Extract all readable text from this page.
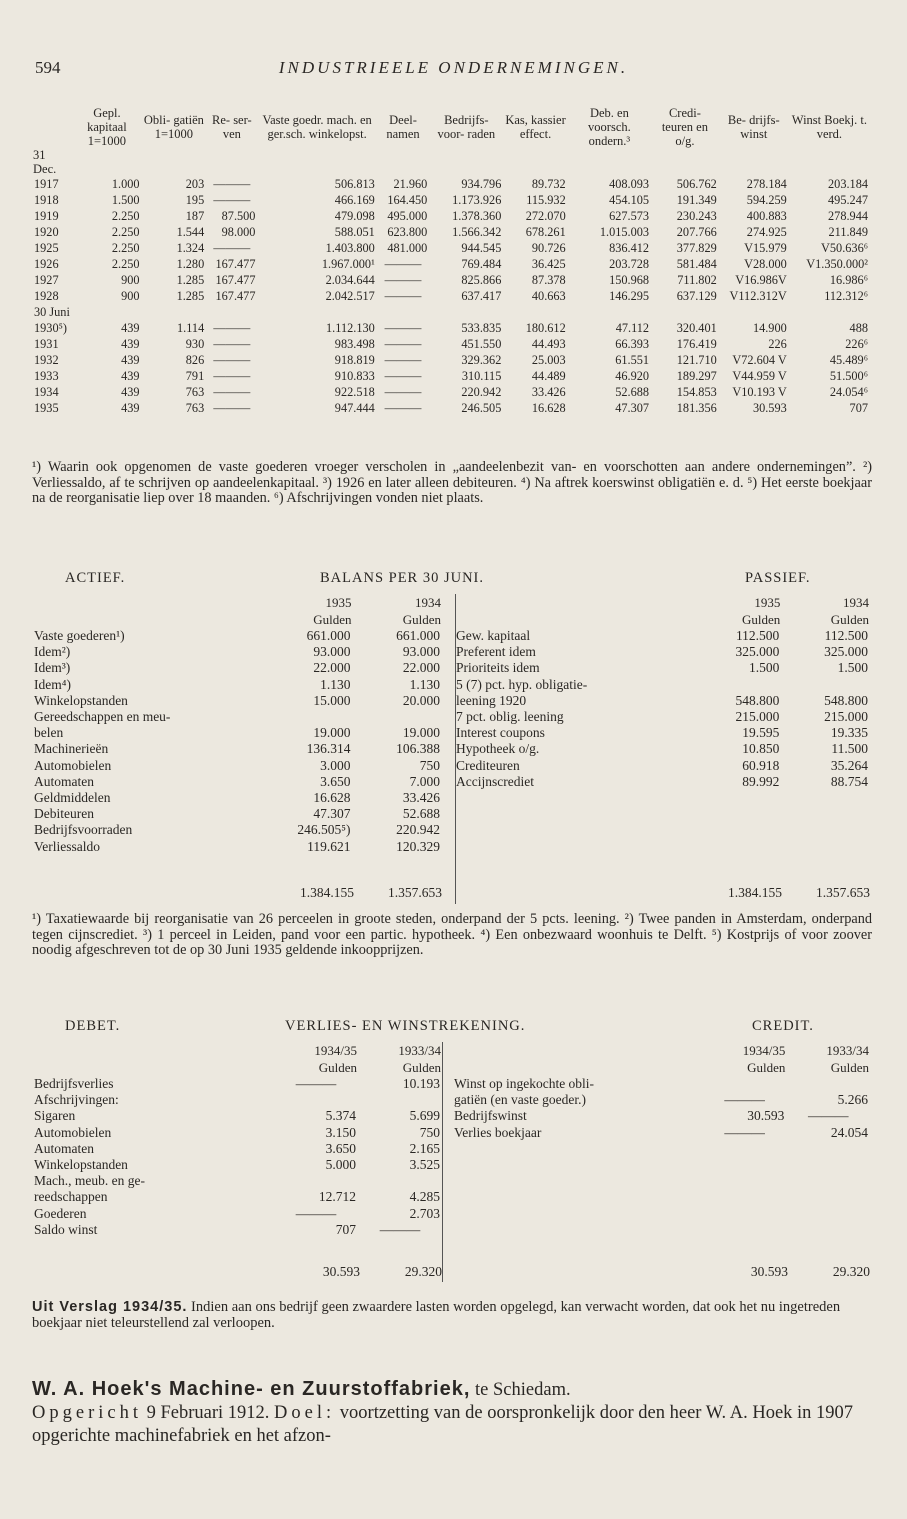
594	INDUSTRIEELE ONDERNEMINGEN.
	Gepl. kapitaal 1=1000	Obli- gatiën 1=1000	Re- ser- ven	Vaste goedr. mach. en ger.sch. winkelopst.	Deel- namen	Bedrijfs- voor- raden	Kas, kassier effect.	Deb. en voorsch. ondern.³	Credi- teuren en o/g.	Be- drijfs- winst	Winst Boekj. t. verd.
31 Dec.											
1917	1.000	203	———	506.813	21.960	934.796	89.732	408.093	506.762	278.184	203.184
1918	1.500	195	———	466.169	164.450	1.173.926	115.932	454.105	191.349	594.259	495.247
1919	2.250	187	87.500	479.098	495.000	1.378.360	272.070	627.573	230.243	400.883	278.944
1920	2.250	1.544	98.000	588.051	623.800	1.566.342	678.261	1.015.003	207.766	274.925	211.849
1925	2.250	1.324	———	1.403.800	481.000	944.545	90.726	836.412	377.829	V15.979	V50.636⁶
1926	2.250	1.280	167.477	1.967.000¹	———	769.484	36.425	203.728	581.484	V28.000	V1.350.000²
1927	900	1.285	167.477	2.034.644	———	825.866	87.378	150.968	711.802	V16.986V	16.986⁶
1928	900	1.285	167.477	2.042.517	———	637.417	40.663	146.295	637.129	V112.312V	112.312⁶
30 Juni											
1930⁵)	439	1.114	———	1.112.130	———	533.835	180.612	47.112	320.401	14.900	488
1931	439	930	———	983.498	———	451.550	44.493	66.393	176.419	226	226⁶
1932	439	826	———	918.819	———	329.362	25.003	61.551	121.710	V72.604 V	45.489⁶
1933	439	791	———	910.833	———	310.115	44.489	46.920	189.297	V44.959 V	51.500⁶
1934	439	763	———	922.518	———	220.942	33.426	52.688	154.853	V10.193 V	24.054⁶
1935	439	763	———	947.444	———	246.505	16.628	47.307	181.356	30.593	707
¹) Waarin ook opgenomen de vaste goederen vroeger verscholen in „aandeelenbezit van- en voorschotten aan andere ondernemingen”. ²) Verliessaldo, af te schrijven op aandeelenkapitaal. ³) 1926 en later alleen debiteuren. ⁴) Na aftrek koerswinst obligatiën e. d. ⁵) Het eerste boekjaar na de reorganisatie liep over 18 maanden. ⁶) Afschrijvingen vonden niet plaats.
ACTIEF.	BALANS PER 30 JUNI.	PASSIEF.
	1935	1934
	Gulden	Gulden
Vaste goederen¹)	661.000	661.000
Idem²)	93.000	93.000
Idem³)	22.000	22.000
Idem⁴)	1.130	1.130
Winkelopstanden	15.000	20.000
Gereedschappen en meu-		
belen	19.000	19.000
Machinerieën	136.314	106.388
Automobielen	3.000	750
Automaten	3.650	7.000
Geldmiddelen	16.628	33.426
Debiteuren	47.307	52.688
Bedrijfsvoorraden	246.505⁵)	220.942
Verliessaldo	119.621	120.329
	1935	1934
	Gulden	Gulden
Gew. kapitaal	112.500	112.500
Preferent idem	325.000	325.000
Prioriteits idem	1.500	1.500
5 (7) pct. hyp. obligatie-		
leening 1920	548.800	548.800
7 pct. oblig. leening	215.000	215.000
Interest coupons	19.595	19.335
Hypotheek o/g.	10.850	11.500
Crediteuren	60.918	35.264
Accijnscrediet	89.992	88.754
1.384.155	1.357.653	1.384.155	1.357.653
¹) Taxatiewaarde bij reorganisatie van 26 perceelen in groote steden, onderpand der 5 pcts. leening. ²) Twee panden in Amsterdam, onderpand tegen cijnscrediet. ³) 1 perceel in Leiden, pand voor een partic. hypotheek. ⁴) Een onbezwaard woonhuis te Delft. ⁵) Kostprijs of voor zoover noodig afgeschreven tot de op 30 Juni 1935 geldende inkoopprijzen.
DEBET.	VERLIES- EN WINSTREKENING.	CREDIT.
	1934/35	1933/34
	Gulden	Gulden
Bedrijfsverlies	———	10.193
Afschrijvingen:		
Sigaren	5.374	5.699
Automobielen	3.150	750
Automaten	3.650	2.165
Winkelopstanden	5.000	3.525
Mach., meub. en ge-		
reedschappen	12.712	4.285
Goederen	———	2.703
Saldo winst	707	———
	1934/35	1933/34
	Gulden	Gulden
Winst op ingekochte obli-		
gatiën (en vaste goeder.)	———	5.266
Bedrijfswinst	30.593	———
Verlies boekjaar	———	24.054
30.593	29.320	30.593	29.320
Uit Verslag 1934/35. Indien aan ons bedrijf geen zwaardere lasten worden opgelegd, kan verwacht worden, dat ook het nu ingetreden boekjaar niet teleurstellend zal verloopen.
W. A. Hoek's Machine- en Zuurstoffabriek, te Schiedam.
Opgericht 9 Februari 1912. Doel: voortzetting van de oorspronkelijk door den heer W. A. Hoek in 1907 opgerichte machinefabriek en het afzon-
